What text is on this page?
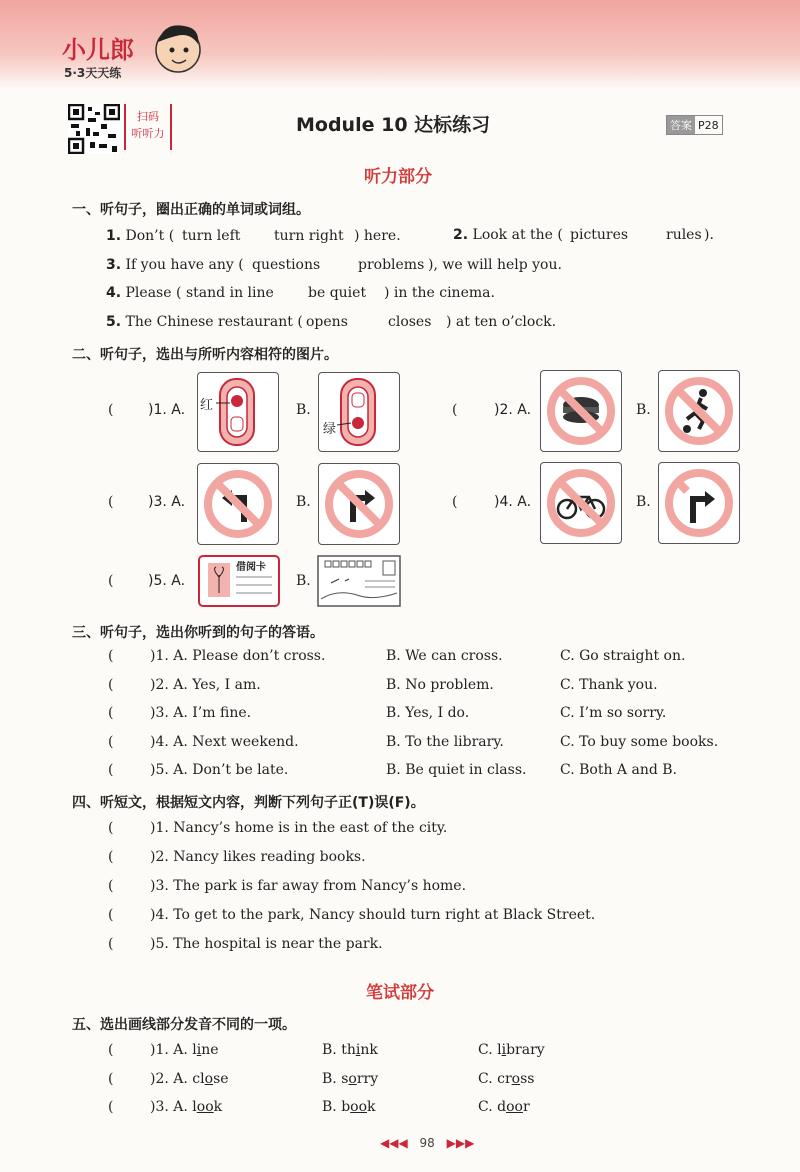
小儿郎
5·3天天练
扫码
听听力	Module 10 达标练习	答案 P28
听力部分
一、听句子，圈出正确的单词或词组。
1. Don’t ( turn left turn right ) here.	2. Look at the ( pictures	rules ).
3. If you have any ( questions	problems ), we will help you.
4. Please ( stand in line be quiet ) in the cinema.
5. The Chinese restaurant ( opens	closes ) at ten o’clock.
二、听句子，选出与所听内容相符的图片。
( )1. A. 红	B.
绿
(	)2. A.	B.
( )3. A.	B.	(	)4. A.	B.
( )5. A.
借阅卡
B.
三、听句子，选出你听到的句子的答语。
(	)1. A. Please don’t cross.	B. We can cross.	C. Go straight on.
(	)2. A. Yes, I am.	B. No problem.	C. Thank you.
(	)3. A. I’m fine.	B. Yes, I do.	C. I’m so sorry.
(	)4. A. Next weekend.	B. To the library.	C. To buy some books.
(	)5. A. Don’t be late.	B. Be quiet in class. C. Both A and B.
四、听短文，根据短文内容，判断下列句子正(T)误(F)。
(	)1. Nancy’s home is in the east of the city.
(	)2. Nancy likes reading books.
(	)3. The park is far away from Nancy’s home.
(	)4. To get to the park, Nancy should turn right at Black Street.
(	)5. The hospital is near the park.
笔试部分
五、选出画线部分发音不同的一项。
(	)1. A. line	B. think	C. library
(	)2. A. close	B. sorry	C. cross
(	)3. A. look	B. book	C. door
◀◀◀ 98 ▶▶▶
